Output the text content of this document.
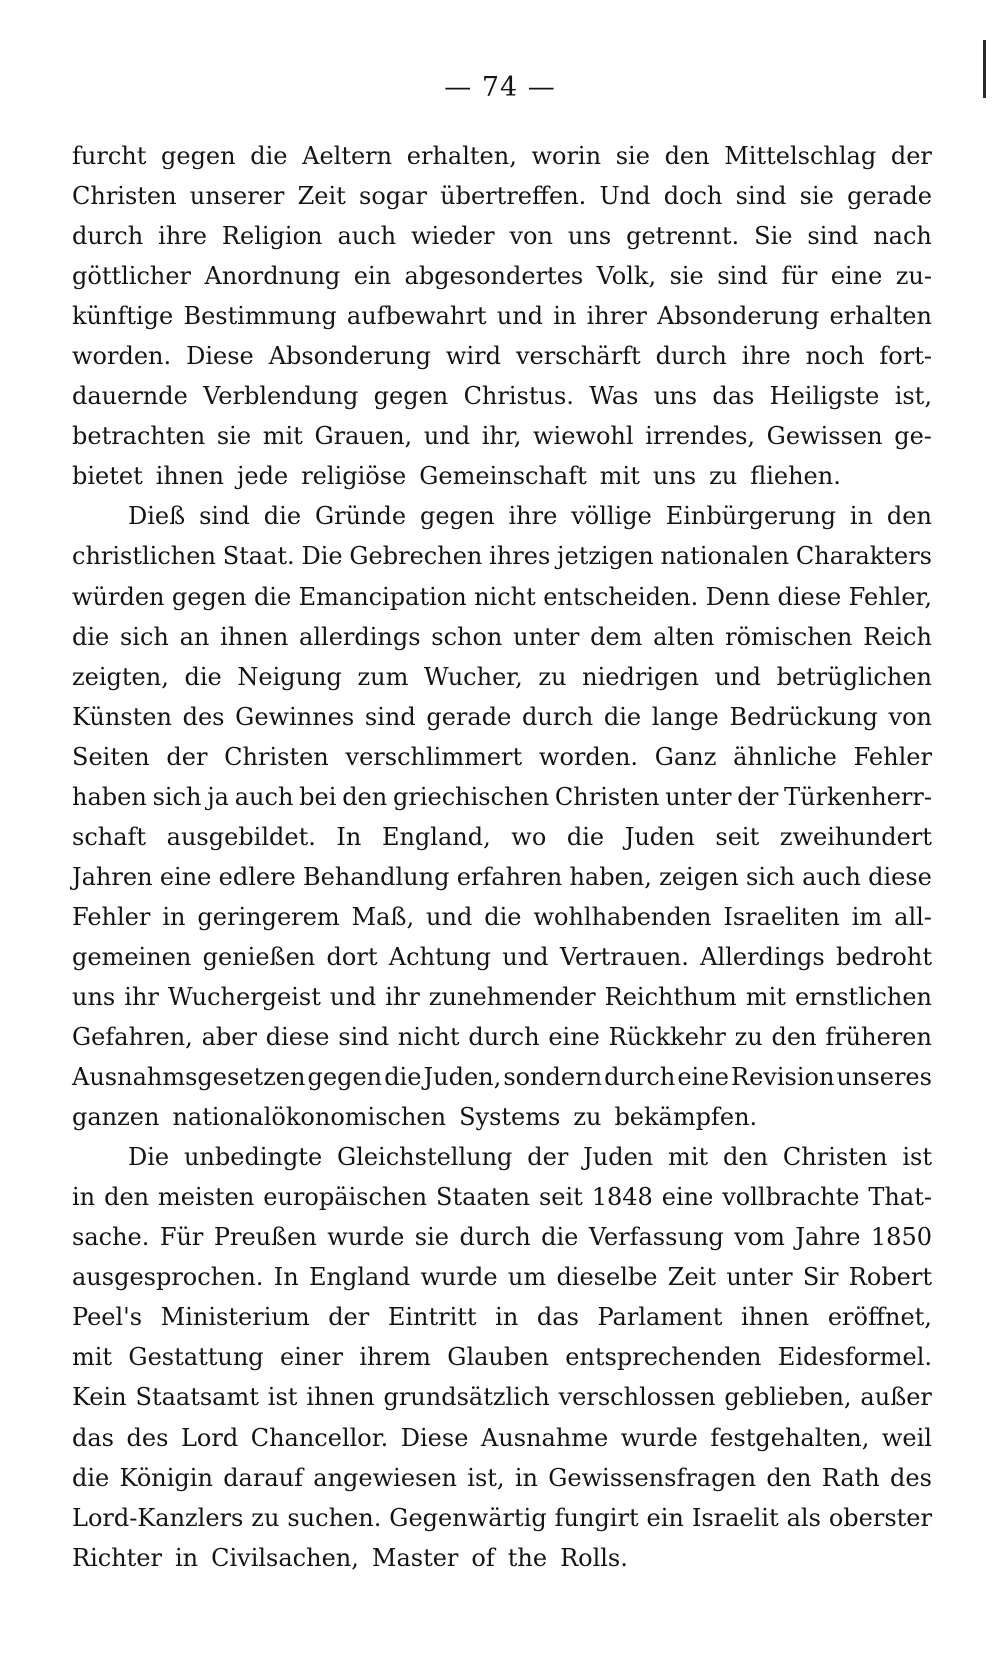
— 74 —
furcht gegen die Aeltern erhalten, worin sie den Mittelschlag der
Christen unserer Zeit sogar übertreffen. Und doch sind sie gerade
durch ihre Religion auch wieder von uns getrennt. Sie sind nach
göttlicher Anordnung ein abgesondertes Volk, sie sind für eine zu-
künftige Bestimmung aufbewahrt und in ihrer Absonderung erhalten
worden. Diese Absonderung wird verschärft durch ihre noch fort-
dauernde Verblendung gegen Christus. Was uns das Heiligste ist,
betrachten sie mit Grauen, und ihr, wiewohl irrendes, Gewissen ge-
bietet ihnen jede religiöse Gemeinschaft mit uns zu fliehen.
Dieß sind die Gründe gegen ihre völlige Einbürgerung in den
christlichen Staat. Die Gebrechen ihres jetzigen nationalen Charakters
würden gegen die Emancipation nicht entscheiden. Denn diese Fehler,
die sich an ihnen allerdings schon unter dem alten römischen Reich
zeigten, die Neigung zum Wucher, zu niedrigen und betrüglichen
Künsten des Gewinnes sind gerade durch die lange Bedrückung von
Seiten der Christen verschlimmert worden. Ganz ähnliche Fehler
haben sich ja auch bei den griechischen Christen unter der Türkenherr-
schaft ausgebildet. In England, wo die Juden seit zweihundert
Jahren eine edlere Behandlung erfahren haben, zeigen sich auch diese
Fehler in geringerem Maß, und die wohlhabenden Israeliten im all-
gemeinen genießen dort Achtung und Vertrauen. Allerdings bedroht
uns ihr Wuchergeist und ihr zunehmender Reichthum mit ernstlichen
Gefahren, aber diese sind nicht durch eine Rückkehr zu den früheren
Ausnahmsgesetzen gegen die Juden, sondern durch eine Revision unseres
ganzen nationalökonomischen Systems zu bekämpfen.
Die unbedingte Gleichstellung der Juden mit den Christen ist
in den meisten europäischen Staaten seit 1848 eine vollbrachte That-
sache. Für Preußen wurde sie durch die Verfassung vom Jahre 1850
ausgesprochen. In England wurde um dieselbe Zeit unter Sir Robert
Peel's Ministerium der Eintritt in das Parlament ihnen eröffnet,
mit Gestattung einer ihrem Glauben entsprechenden Eidesformel.
Kein Staatsamt ist ihnen grundsätzlich verschlossen geblieben, außer
das des Lord Chancellor. Diese Ausnahme wurde festgehalten, weil
die Königin darauf angewiesen ist, in Gewissensfragen den Rath des
Lord-Kanzlers zu suchen. Gegenwärtig fungirt ein Israelit als oberster
Richter in Civilsachen, Master of the Rolls.
